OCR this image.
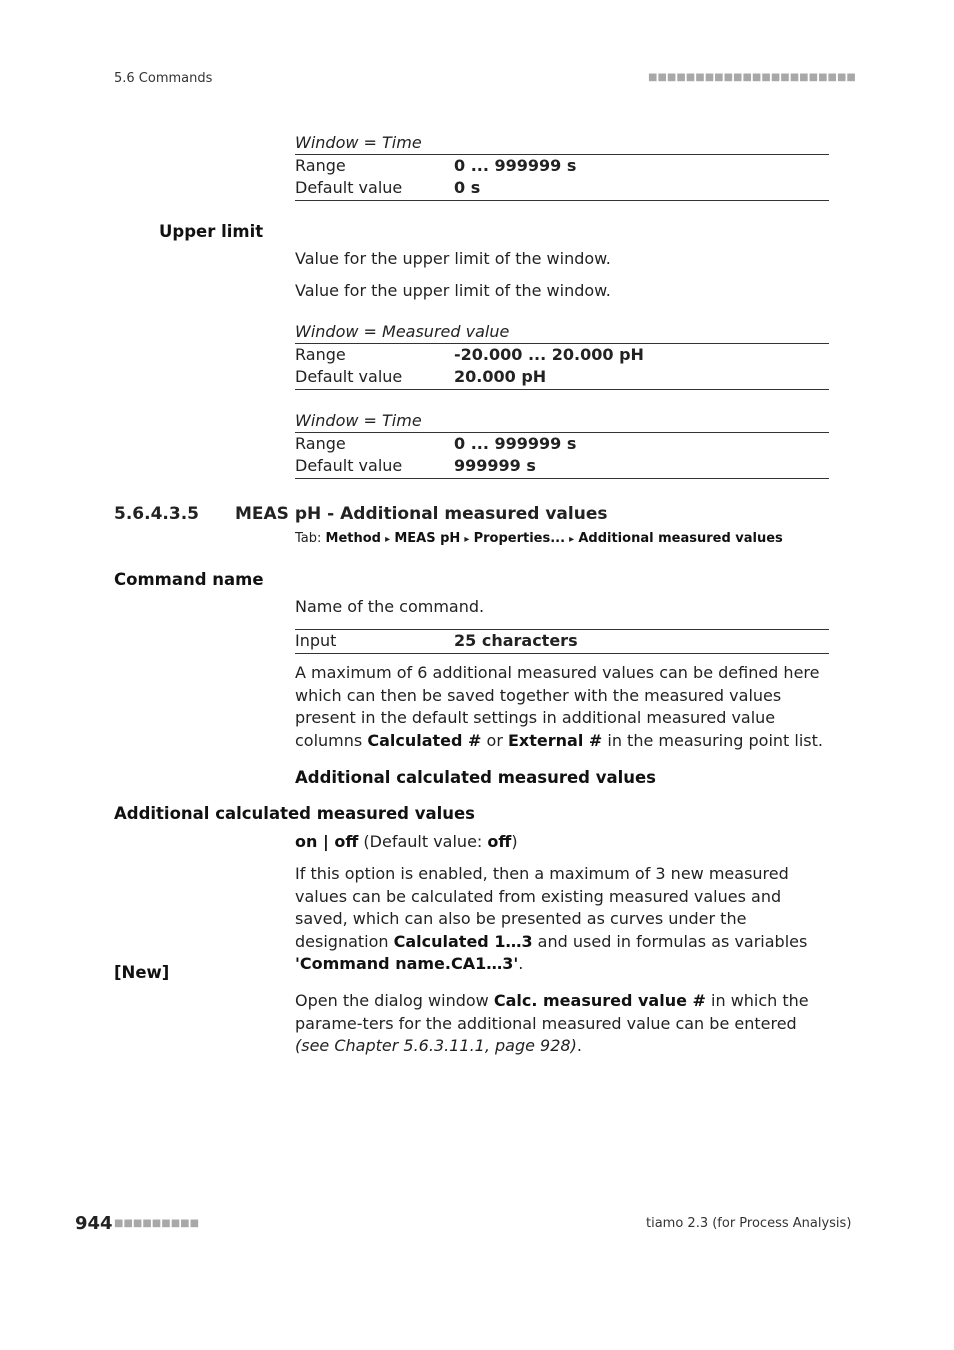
5.6 Commands	■■■■■■■■■■■■■■■■■■■■■■
Window = Time
Range	0 ... 999999 s
Default value	0 s
Upper limit
Value for the upper limit of the window.
Value for the upper limit of the window.
Window = Measured value
Range	-20.000 ... 20.000 pH
Default value	20.000 pH
Window = Time
Range	0 ... 999999 s
Default value	999999 s
5.6.4.3.5 MEAS pH - Additional measured values
Tab: Method ▸ MEAS pH ▸ Properties... ▸ Additional measured values
Command name
Name of the command.
Input	25 characters
A maximum of 6 additional measured values can be defined here which can then be saved together with the measured values present in the default settings in additional measured value columns Calculated # or External # in the measuring point list.
Additional calculated measured values
Additional calculated measured values
on | off (Default value: off)
If this option is enabled, then a maximum of 3 new measured values can be calculated from existing measured values and saved, which can also be presented as curves under the designation Calculated 1…3 and used in formulas as variables 'Command name.CA1…3'.
[New]
Open the dialog window Calc. measured value # in which the parame-ters for the additional measured value can be entered (see Chapter 5.6.3.11.1, page 928).
944 ■■■■■■■■■	tiamo 2.3 (for Process Analysis)
